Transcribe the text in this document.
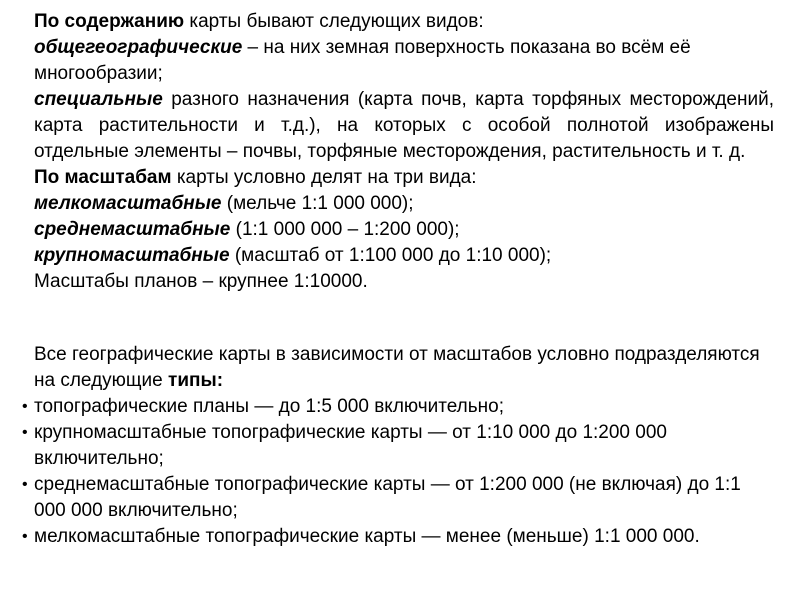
По содержанию карты бывают следующих видов:

общегеографические – на них земная поверхность показана во всём её многообразии;

специальные разного назначения (карта почв, карта торфяных месторождений, карта растительности и т.д.), на которых с особой полнотой изображены отдельные элементы – почвы, торфяные месторождения, растительность и т. д.

По масштабам карты условно делят на три вида:

мелкомасштабные (мельче 1:1 000 000);

среднемасштабные (1:1 000 000 – 1:200 000);

крупномасштабные (масштаб от 1:100 000 до 1:10 000);

Масштабы планов – крупнее 1:10000.

Все географические карты в зависимости от масштабов условно подразделяются на следующие типы:

• топографические планы — до 1:5 000 включительно;
• крупномасштабные топографические карты — от 1:10 000 до 1:200 000 включительно;
• среднемасштабные топографические карты — от 1:200 000 (не включая) до 1:1 000 000 включительно;
• мелкомасштабные топографические карты — менее (меньше) 1:1 000 000.
